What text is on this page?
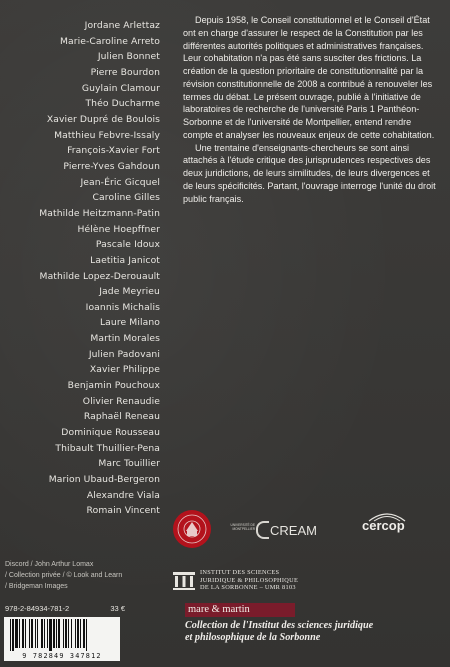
Jordane Arlettaz
Marie-Caroline Arreto
Julien Bonnet
Pierre Bourdon
Guylain Clamour
Théo Ducharme
Xavier Dupré de Boulois
Matthieu Febvre-Issaly
François-Xavier Fort
Pierre-Yves Gahdoun
Jean-Éric Gicquel
Caroline Gilles
Mathilde Heitzmann-Patin
Hélène Hoepffner
Pascale Idoux
Laetitia Janicot
Mathilde Lopez-Derouault
Jade Meyrieu
Ioannis Michalis
Laure Milano
Martin Morales
Julien Padovani
Xavier Philippe
Benjamin Pouchoux
Olivier Renaudie
Raphaël Reneau
Dominique Rousseau
Thibault Thuillier-Pena
Marc Touillier
Marion Ubaud-Bergeron
Alexandre Viala
Romain Vincent

Depuis 1958, le Conseil constitutionnel et le Conseil d'État ont en charge d'assurer le respect de la Constitution par les différentes autorités politiques et administratives françaises. Leur cohabitation n'a pas été sans susciter des frictions. La création de la question prioritaire de constitutionnalité par la révision constitutionnelle de 2008 a contribué à renouveler les termes du débat. Le présent ouvrage, publié à l'initiative de laboratoires de recherche de l'université Paris 1 Panthéon-Sorbonne et de l'université de Montpellier, entend rendre compte et analyser les nouveaux enjeux de cette cohabitation.

Une trentaine d'enseignants-chercheurs se sont ainsi attachés à l'étude critique des jurisprudences respectives des deux juridictions, de leurs similitudes, de leurs divergences et de leurs spécificités. Partant, l'ouvrage interroge l'unité du droit public français.

UNIVERSITÉ DE MONTPELLIER CREAM	cercop
INSTITUT DES SCIENCES
JURIDIQUE & PHILOSOPHIQUE
DE LA SORBONNE – UMR 8103
mare & martin
Collection de l'Institut des sciences juridique
et philosophique de la Sorbonne
Discord / John Arthur Lomax
/ Collection privée / © Look and Learn
/ Bridgeman Images
978-2-84934-781-2	33 €
9 782849 347812
